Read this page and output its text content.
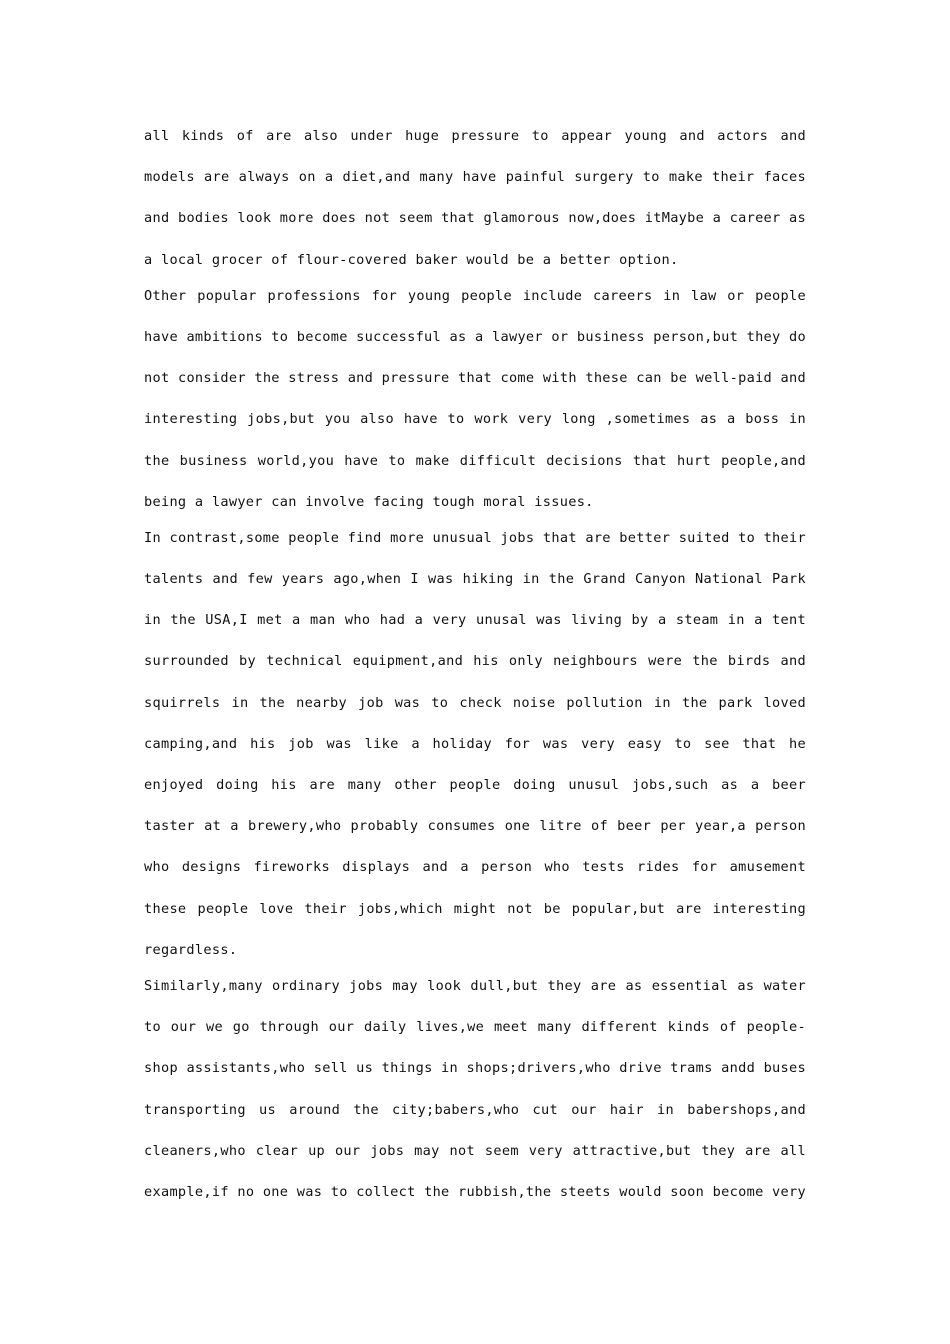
all kinds of are also under huge pressure to appear young and actors and
models are always on a diet,and many have painful surgery to make their faces
and bodies look more does not seem that glamorous now,does itMaybe a career as
a local grocer of flour-covered baker would be a better option.
Other popular professions for young people include careers in law or people
have ambitions to become successful as a lawyer or business person,but they do
not consider the stress and pressure that come with these can be well-paid and
interesting jobs,but you also have to work very long ,sometimes as a boss in
the business world,you have to make difficult decisions that hurt people,and
being a lawyer can involve facing tough moral issues.
In contrast,some people find more unusual jobs that are better suited to their
talents and few years ago,when I was hiking in the Grand Canyon National Park
in the USA,I met a man who had a very unusal was living by a steam in a tent
surrounded by technical equipment,and his only neighbours were the birds and
squirrels in the nearby job was to check noise pollution in the park loved
camping,and his job was like a holiday for was very easy to see that he
enjoyed doing his are many other people doing unusul jobs,such as a beer
taster at a brewery,who probably consumes one litre of beer per year,a person
who designs fireworks displays and a person who tests rides for amusement
these people love their jobs,which might not be popular,but are interesting
regardless.
Similarly,many ordinary jobs may look dull,but they are as essential as water
to our we go through our daily lives,we meet many different kinds of people-
shop assistants,who sell us things in shops;drivers,who drive trams andd buses
transporting us around the city;babers,who cut our hair in babershops,and
cleaners,who clear up our jobs may not seem very attractive,but they are all
example,if no one was to collect the rubbish,the steets would soon become very
